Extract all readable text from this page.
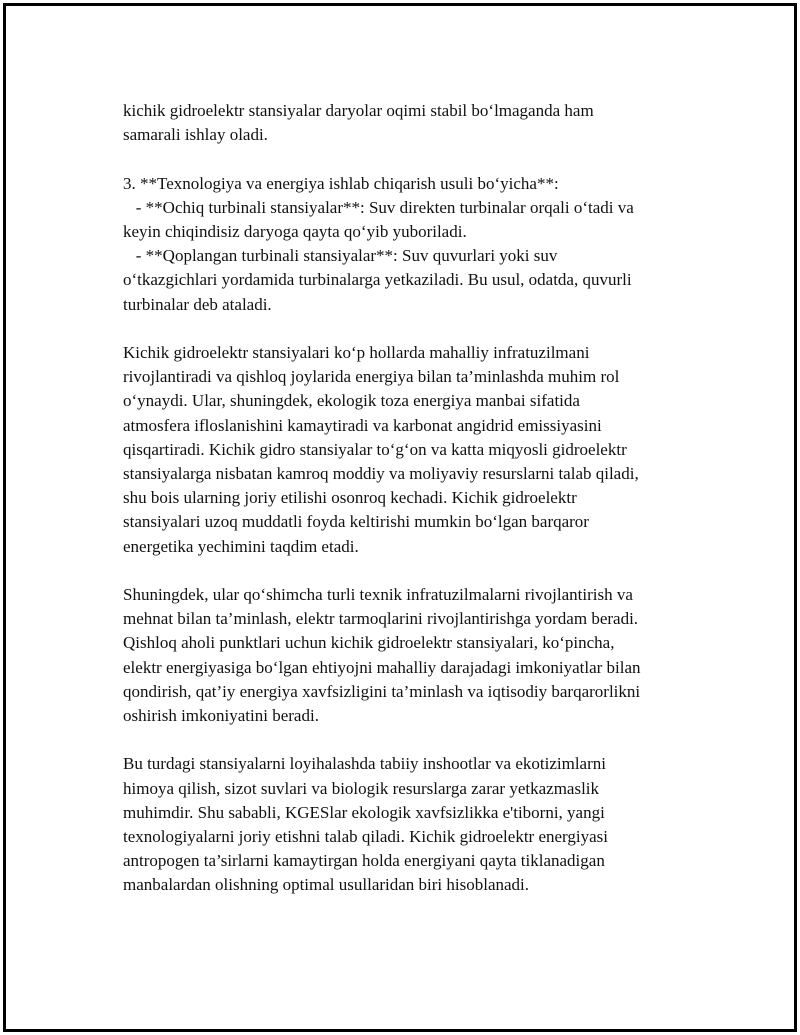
kichik gidroelektr stansiyalar daryolar oqimi stabil bo‘lmaganda ham
samarali ishlay oladi.
3. **Texnologiya va energiya ishlab chiqarish usuli bo‘yicha**:
- **Ochiq turbinali stansiyalar**: Suv direkten turbinalar orqali o‘tadi va
keyin chiqindisiz daryoga qayta qo‘yib yuboriladi.
- **Qoplangan turbinali stansiyalar**: Suv quvurlari yoki suv
o‘tkazgichlari yordamida turbinalarga yetkaziladi. Bu usul, odatda, quvurli
turbinalar deb ataladi.
Kichik gidroelektr stansiyalari ko‘p hollarda mahalliy infratuzilmani
rivojlantiradi va qishloq joylarida energiya bilan ta’minlashda muhim rol
o‘ynaydi. Ular, shuningdek, ekologik toza energiya manbai sifatida
atmosfera ifloslanishini kamaytiradi va karbonat angidrid emissiyasini
qisqartiradi. Kichik gidro stansiyalar to‘g‘on va katta miqyosli gidroelektr
stansiyalarga nisbatan kamroq moddiy va moliyaviy resurslarni talab qiladi,
shu bois ularning joriy etilishi osonroq kechadi. Kichik gidroelektr
stansiyalari uzoq muddatli foyda keltirishi mumkin bo‘lgan barqaror
energetika yechimini taqdim etadi.
Shuningdek, ular qo‘shimcha turli texnik infratuzilmalarni rivojlantirish va
mehnat bilan ta’minlash, elektr tarmoqlarini rivojlantirishga yordam beradi.
Qishloq aholi punktlari uchun kichik gidroelektr stansiyalari, ko‘pincha,
elektr energiyasiga bo‘lgan ehtiyojni mahalliy darajadagi imkoniyatlar bilan
qondirish, qat’iy energiya xavfsizligini ta’minlash va iqtisodiy barqarorlikni
oshirish imkoniyatini beradi.
Bu turdagi stansiyalarni loyihalashda tabiiy inshootlar va ekotizimlarni
himoya qilish, sizot suvlari va biologik resurslarga zarar yetkazmaslik
muhimdir. Shu sababli, KGESlar ekologik xavfsizlikka e'tiborni, yangi
texnologiyalarni joriy etishni talab qiladi. Kichik gidroelektr energiyasi
antropogen ta’sirlarni kamaytirgan holda energiyani qayta tiklanadigan
manbalardan olishning optimal usullaridan biri hisoblanadi.
